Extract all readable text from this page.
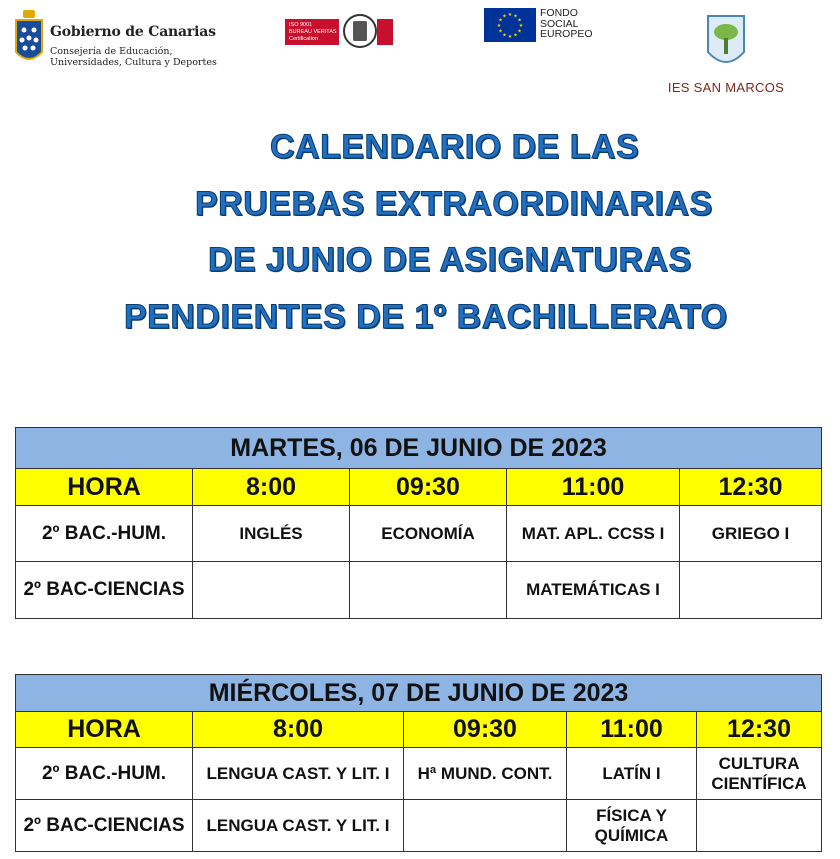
Gobierno de Canarias
Consejería de Educación,
Universidades, Cultura y Deportes
ISO 9001
BUREAU VERITAS
Certification
★ ★
★
★
★
★
★
★
★
★
★
★	FONDO
SOCIAL
EUROPEO
IES SAN MARCOS
CALENDARIO DE LAS
PRUEBAS EXTRAORDINARIAS
DE JUNIO DE ASIGNATURAS
PENDIENTES DE 1º BACHILLERATO
MARTES, 06 DE JUNIO DE 2023				
HORA	8:00	09:30	11:00	12:30
2º BAC.-HUM.	INGLÉS	ECONOMÍA	MAT. APL. CCSS I	GRIEGO I
2º BAC-CIENCIAS			MATEMÁTICAS I	
MIÉRCOLES, 07 DE JUNIO DE 2023				
HORA	8:00	09:30	11:00	12:30
2º BAC.-HUM.	LENGUA CAST. Y LIT. I	Hª MUND. CONT.	LATÍN I	CULTURA CIENTÍFICA
2º BAC-CIENCIAS	LENGUA CAST. Y LIT. I		FÍSICA Y QUÍMICA	
